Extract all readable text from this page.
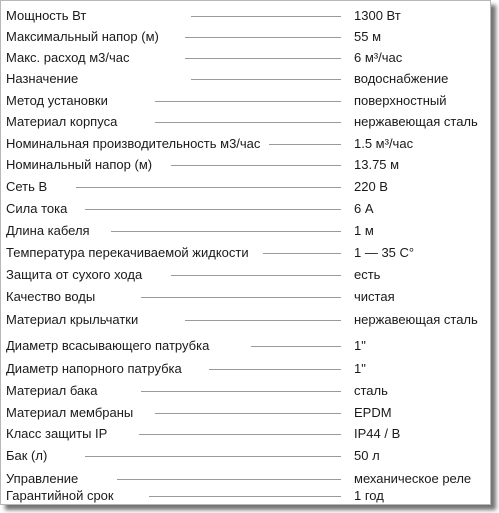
Мощность Вт	1300 Вт
Максимальный напор (м)	55 м
Макс. расход м3/час	6 м³/час
Назначение	водоснабжение
Метод установки	поверхностный
Материал корпуса	нержавеющая сталь
Номинальная производительность м3/час	1.5 м³/час
Номинальный напор (м)	13.75 м
Сеть В	220 В
Сила тока	6 А
Длина кабеля	1 м
Температура перекачиваемой жидкости	1 — 35 С°
Защита от сухого хода	есть
Качество воды	чистая
Материал крыльчатки	нержавеющая сталь
Диаметр всасывающего патрубка	1"
Диаметр напорного патрубка	1"
Материал бака	сталь
Материал мембраны	EPDM
Класс защиты IP	IP44 / В
Бак (л)	50 л
Управление	механическое реле
Гарантийной срок	1 год
